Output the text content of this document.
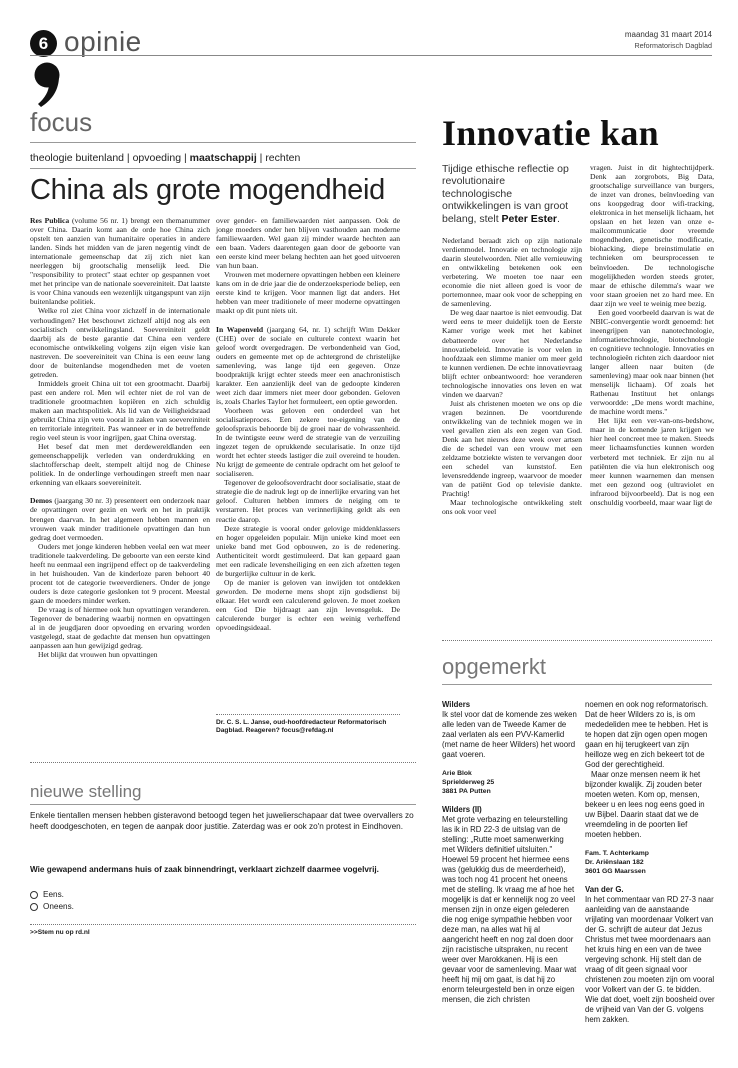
6 opinie	maandag 31 maart 2014
Reformatorisch Dagblad
focus
theologie buitenland | opvoeding | maatschappij | rechten
China als grote mogendheid

Res Publica (volume 56 nr. 1) brengt een themanummer over China. Daarin komt aan de orde hoe China zich opstelt ten aanzien van humanitaire operaties in andere landen. Sinds het midden van de jaren negentig vindt de internationale gemeenschap dat zij zich niet kan neerleggen bij grootschalig menselijk leed. Die "responsibility to protect" staat echter op gespannen voet met het principe van de nationale soevereiniteit. Dat laatste is voor China vanouds een wezenlijk uitgangspunt van zijn buitenlandse politiek.

Welke rol ziet China voor zichzelf in de internationale verhoudingen? Het beschouwt zichzelf altijd nog als een socialistisch ontwikkelingsland. Soevereiniteit geldt daarbij als de beste garantie dat China een verdere economische ontwikkeling volgens zijn eigen visie kan nastreven. De soevereiniteit van China is een eeuw lang door de buitenlandse mogendheden met de voeten getreden.

Inmiddels groeit China uit tot een grootmacht. Daarbij past een andere rol. Men wil echter niet de rol van de traditionele grootmachten kopiëren en zich schuldig maken aan machtspolitiek. Als lid van de Veiligheidsraad gebruikt China zijn veto vooral in zaken van soevereiniteit en territoriale integriteit. Pas wanneer er in de betreffende regio veel steun is voor ingrijpen, gaat China overstag.

Het besef dat men met derdewereldlanden een gemeenschappelijk verleden van onderdrukking en slachtofferschap deelt, stempelt altijd nog de Chinese politiek. In de onderlinge verhoudingen streeft men naar erkenning van elkaars soevereiniteit.

Demos (jaargang 30 nr. 3) presenteert een onderzoek naar de opvattingen over gezin en werk en het in praktijk brengen daarvan. In het algemeen hebben mannen en vrouwen vaak minder traditionele opvattingen dan hun gedrag doet vermoeden.

Ouders met jonge kinderen hebben veelal een wat meer traditionele taakverdeling. De geboorte van een eerste kind heeft nu eenmaal een ingrijpend effect op de taakverdeling in het huishouden. Van de kinderloze paren behoort 40 procent tot de categorie tweeverdieners. Onder de jonge ouders is deze categorie geslonken tot 9 procent. Meestal gaan de moeders minder werken.

De vraag is of hiermee ook hun opvattingen veranderen. Tegenover de benadering waarbij normen en opvattingen al in de jeugdjaren door opvoeding en ervaring worden vastgelegd, staat de gedachte dat mensen hun opvattingen aanpassen aan hun gewijzigd gedrag.

Het blijkt dat vrouwen hun opvattingen

over gender- en familiewaarden niet aanpassen. Ook de jonge moeders onder hen blijven vasthouden aan moderne familiewaarden. Wel gaan zij minder waarde hechten aan een baan. Vaders daarentegen gaan door de geboorte van een eerste kind meer belang hechten aan het goed uitvoeren van hun baan.

Vrouwen met modernere opvattingen hebben een kleinere kans om in de drie jaar die de onderzoeksperiode beliep, een eerste kind te krijgen. Voor mannen ligt dat anders. Het hebben van meer traditionele of meer moderne opvattingen maakt op dit punt niets uit.

In Wapenveld (jaargang 64, nr. 1) schrijft Wim Dekker (CHE) over de sociale en culturele context waarin het geloof wordt overgedragen. De verbondenheid van God, ouders en gemeente met op de achtergrond de christelijke samenleving, was lange tijd een gegeven. Onze boodpraktijk krijgt echter steeds meer een anachronistisch karakter. Een aanzienlijk deel van de gedoopte kinderen weet zich daar immers niet meer door gebonden. Geloven is, zoals Charles Taylor het formuleert, een optie geworden.

Voorheen was geloven een onderdeel van het socialisatieproces. Een zekere toe-eigening van de geloofspraxis behoorde bij de groei naar de volwassenheid. In de twintigste eeuw werd de strategie van de verzuiling ingezet tegen de oprukkende secularisatie. In onze tijd wordt het echter steeds lastiger die zuil overeind te houden. Nu krijgt de gemeente de centrale opdracht om het geloof te socialiseren.

Tegenover de geloofsoverdracht door socialisatie, staat de strategie die de nadruk legt op de innerlijke ervaring van het geloof. Culturen hebben immers de neiging om te verstarren. Het proces van verinnerlijking geldt als een reactie daarop.

Deze strategie is vooral onder gelovige middenklassers en hoger opgeleiden populair. Mijn unieke kind moet een unieke band met God opbouwen, zo is de redenering. Authenticiteit wordt gestimuleerd. Dat kan gepaard gaan met een radicale levensheiliging en een zich afzetten tegen de burgerlijke cultuur in de kerk.

Op de manier is geloven van inwijden tot ontdekken geworden. De moderne mens shopt zijn godsdienst bij elkaar. Het wordt een calculerend geloven. Je moet zoeken een God Die bijdraagt aan zijn levensgeluk. De calculerende burger is echter een weinig verheffend opvoedingsideaal.

Dr. C. S. L. Janse, oud-hoofdredacteur Reformatorisch Dagblad. Reageren? focus@refdag.nl
nieuwe stelling
Enkele tientallen mensen hebben gisteravond betoogd tegen het juwelierschapaar dat twee overvallers zo heeft doodgeschoten, en tegen de aanpak door justitie. Zaterdag was er ook zo'n protest in Eindhoven.
Wie gewapend andermans huis of zaak binnendringt, verklaart zichzelf daarmee vogelvrij.
Eens.
Oneens.
>>Stem nu op rd.nl
Innovatie kan
Tijdige ethische reflectie op revolutionaire technologische ontwikkelingen is van groot belang, stelt Peter Ester.

Nederland beraadt zich op zijn nationale verdienmodel. Innovatie en technologie zijn daarin sleutelwoorden. Niet alle vernieuwing en ontwikkeling betekenen ook een verbetering. We moeten toe naar een economie die niet alleen goed is voor de portemonnee, maar ook voor de schepping en de samenleving.

De weg daar naartoe is niet eenvoudig. Dat werd eens te meer duidelijk toen de Eerste Kamer vorige week met het kabinet debatteerde over het Nederlandse innovatiebeleid. Innovatie is voor velen in hoofdzaak een slimme manier om meer geld te kunnen verdienen. De echte innovatievraag blijft echter onbeantwoord: hoe veranderen technologische innovaties ons leven en wat vinden we daarvan?

Juist als christenen moeten we ons op die vragen bezinnen. De voortdurende ontwikkeling van de techniek mogen we in veel gevallen zien als een zegen van God. Denk aan het nieuws deze week over artsen die de schedel van een vrouw met een zeldzame botziekte wisten te vervangen door een schedel van kunststof. Een levensreddende ingreep, waarvoor de moeder van de patiënt God op televisie dankte. Prachtig!

Maar technologische ontwikkeling stelt ons ook voor veel

vragen. Juist in dit hightechtijdperk. Denk aan zorgrobots, Big Data, grootschalige surveillance van burgers, de inzet van drones, beïnvloeding van ons koopgedrag door wifi-tracking, elektronica in het menselijk lichaam, het opslaan en het lezen van onze e-mailcommunicatie door vreemde mogendheden, genetische modificatie, biohacking, diepe breinstimulatie en technieken om beursprocessen te beïnvloeden. De technologische mogelijkheden worden steeds groter, maar de ethische dilemma's waar we voor staan groeien net zo hard mee. En daar zijn we veel te weinig mee bezig.

Een goed voorbeeld daarvan is wat de NBIC-convergentie wordt genoemd: het ineengrijpen van nanotechnologie, informatietechnologie, biotechnologie en cognitieve technologie. Innovaties en technologieën richten zich daardoor niet langer alleen naar buiten (de samenleving) maar ook naar binnen (het menselijk lichaam). Of zoals het Rathenau Instituut het onlangs verwoordde: „De mens wordt machine, de machine wordt mens."

Het lijkt een ver-van-ons-bedshow, maar in de komende jaren krijgen we hier heel concreet mee te maken. Steeds meer lichaamsfuncties kunnen worden verbeterd met techniek. Er zijn nu al patiënten die via hun elektronisch oog meer kunnen waarnemen dan mensen met een gezond oog (ultraviolet en infrarood bijvoorbeeld). Dat is nog een onschuldig voorbeeld, maar waar ligt de

opgemerkt

Wilders

Ik stel voor dat de komende zes weken alle leden van de Tweede Kamer de zaal verlaten als een PVV-Kamerlid (met name de heer Wilders) het woord gaat voeren.

Arie Blok

Sprielderweg 25

3881 PA Putten

Wilders (II)

Met grote verbazing en teleurstelling las ik in RD 22-3 de uitslag van de stelling: „Rutte moet samenwerking met Wilders definitief uitsluiten." Hoewel 59 procent het hiermee eens was (gelukkig dus de meerderheid), was toch nog 41 procent het oneens met de stelling. Ik vraag me af hoe het mogelijk is dat er kennelijk nog zo veel mensen zijn in onze eigen gelederen die nog enige sympathie hebben voor deze man, na alles wat hij al aangericht heeft en nog zal doen door zijn racistische uitspraken, nu recent weer over Marokkanen. Hij is een gevaar voor de samenleving. Maar wat heeft hij mij om gaat, is dat hij zo enorm teleurgesteld ben in onze eigen mensen, die zich christen

noemen en ook nog reformatorisch. Dat de heer Wilders zo is, is om mededeliden mee te hebben. Het is te hopen dat zijn ogen open mogen gaan en hij terugkeert van zijn heilloze weg en zich bekeert tot de God der gerechtigheid.

Maar onze mensen neem ik het bijzonder kwalijk. Zij zouden beter moeten weten. Kom op, mensen, bekeer u en lees nog eens goed in uw Bijbel. Daarin staat dat we de vreemdeling in de poorten lief moeten hebben.

Fam. T. Achterkamp

Dr. Ariënslaan 182

3601 GG Maarssen

Van der G.

In het commentaar van RD 27-3 naar aanleiding van de aanstaande vrijlating van moordenaar Volkert van der G. schrijft de auteur dat Jezus Christus met twee moordenaars aan het kruis hing en een van de twee vergeving schonk. Hij stelt dan de vraag of dit geen signaal voor christenen zou moeten zijn om vooral voor Volkert van der G. te bidden. Wie dat doet, voelt zijn boosheid over de vrijheid van Van der G. volgens hem zakken.
